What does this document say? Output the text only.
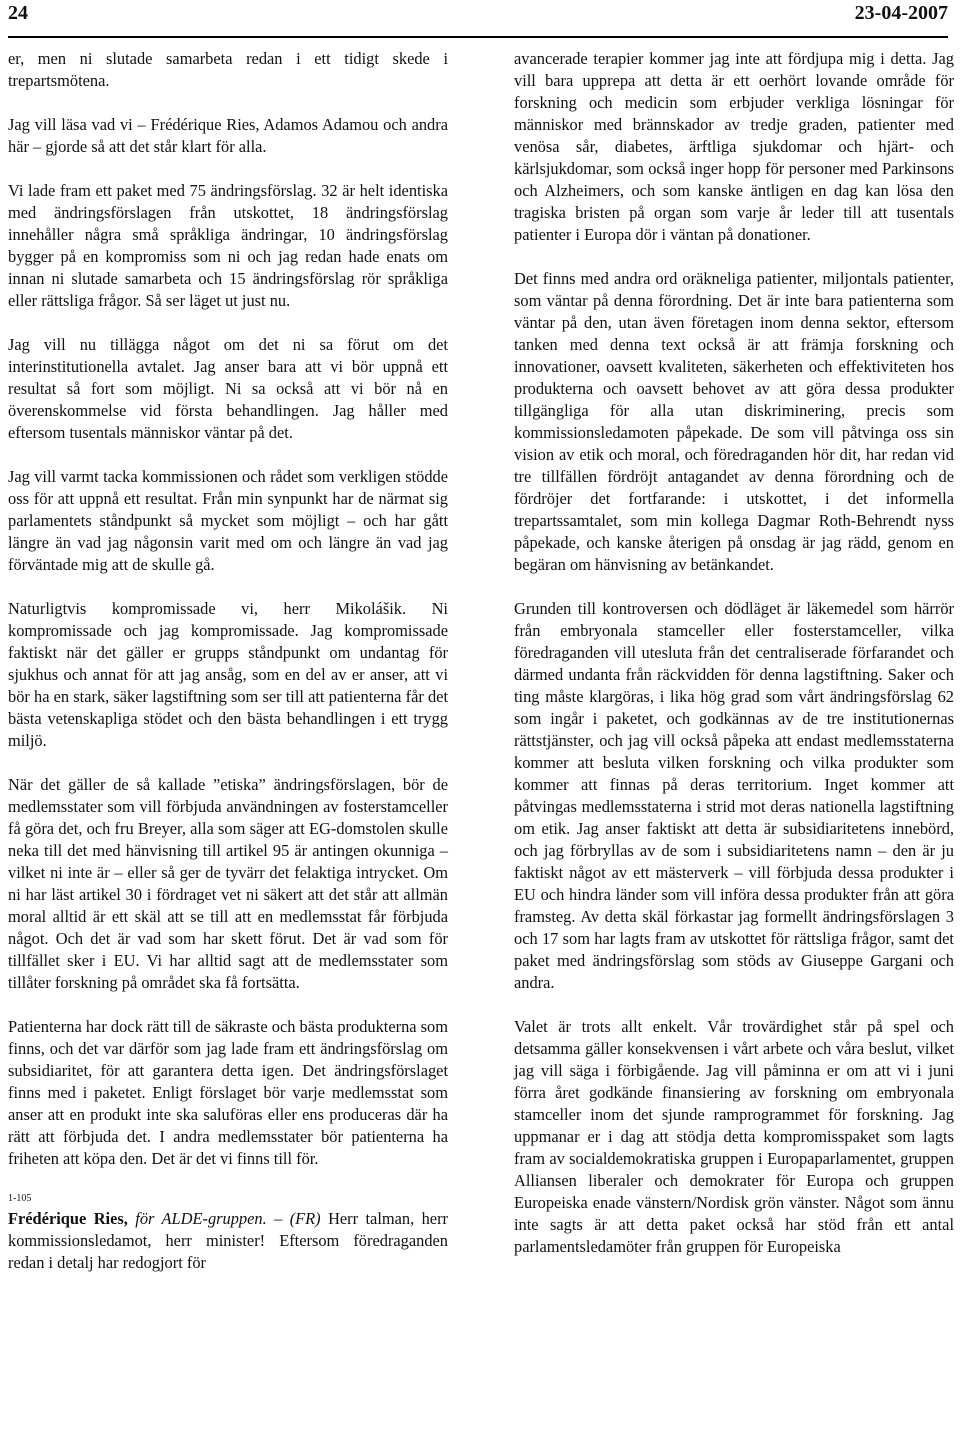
24	23-04-2007

er, men ni slutade samarbeta redan i ett tidigt skede i trepartsmötena.

Jag vill läsa vad vi – Frédérique Ries, Adamos Adamou och andra här – gjorde så att det står klart för alla.

Vi lade fram ett paket med 75 ändringsförslag. 32 är helt identiska med ändringsförslagen från utskottet, 18 ändringsförslag innehåller några små språkliga ändringar, 10 ändringsförslag bygger på en kompromiss som ni och jag redan hade enats om innan ni slutade samarbeta och 15 ändringsförslag rör språkliga eller rättsliga frågor. Så ser läget ut just nu.

Jag vill nu tillägga något om det ni sa förut om det interinstitutionella avtalet. Jag anser bara att vi bör uppnå ett resultat så fort som möjligt. Ni sa också att vi bör nå en överenskommelse vid första behandlingen. Jag håller med eftersom tusentals människor väntar på det.

Jag vill varmt tacka kommissionen och rådet som verkligen stödde oss för att uppnå ett resultat. Från min synpunkt har de närmat sig parlamentets ståndpunkt så mycket som möjligt – och har gått längre än vad jag någonsin varit med om och längre än vad jag förväntade mig att de skulle gå.

Naturligtvis kompromissade vi, herr Mikolášik. Ni kompromissade och jag kompromissade. Jag kompromissade faktiskt när det gäller er grupps ståndpunkt om undantag för sjukhus och annat för att jag ansåg, som en del av er anser, att vi bör ha en stark, säker lagstiftning som ser till att patienterna får det bästa vetenskapliga stödet och den bästa behandlingen i ett trygg miljö.

När det gäller de så kallade ”etiska” ändringsförslagen, bör de medlemsstater som vill förbjuda användningen av fosterstamceller få göra det, och fru Breyer, alla som säger att EG-domstolen skulle neka till det med hänvisning till artikel 95 är antingen okunniga – vilket ni inte är – eller så ger de tyvärr det felaktiga intrycket. Om ni har läst artikel 30 i fördraget vet ni säkert att det står att allmän moral alltid är ett skäl att se till att en medlemsstat får förbjuda något. Och det är vad som har skett förut. Det är vad som för tillfället sker i EU. Vi har alltid sagt att de medlemsstater som tillåter forskning på området ska få fortsätta.

Patienterna har dock rätt till de säkraste och bästa produkterna som finns, och det var därför som jag lade fram ett ändringsförslag om subsidiaritet, för att garantera detta igen. Det ändringsförslaget finns med i paketet. Enligt förslaget bör varje medlemsstat som anser att en produkt inte ska saluföras eller ens produceras där ha rätt att förbjuda det. I andra medlemsstater bör patienterna ha friheten att köpa den. Det är det vi finns till för.

1-105

Frédérique Ries, för ALDE-gruppen. – (FR) Herr talman, herr kommissionsledamot, herr minister! Eftersom föredraganden redan i detalj har redogjort för

avancerade terapier kommer jag inte att fördjupa mig i detta. Jag vill bara upprepa att detta är ett oerhört lovande område för forskning och medicin som erbjuder verkliga lösningar för människor med brännskador av tredje graden, patienter med venösa sår, diabetes, ärftliga sjukdomar och hjärt- och kärlsjukdomar, som också inger hopp för personer med Parkinsons och Alzheimers, och som kanske äntligen en dag kan lösa den tragiska bristen på organ som varje år leder till att tusentals patienter i Europa dör i väntan på donationer.

Det finns med andra ord oräkneliga patienter, miljontals patienter, som väntar på denna förordning. Det är inte bara patienterna som väntar på den, utan även företagen inom denna sektor, eftersom tanken med denna text också är att främja forskning och innovationer, oavsett kvaliteten, säkerheten och effektiviteten hos produkterna och oavsett behovet av att göra dessa produkter tillgängliga för alla utan diskriminering, precis som kommissionsledamoten påpekade. De som vill påtvinga oss sin vision av etik och moral, och föredraganden hör dit, har redan vid tre tillfällen fördröjt antagandet av denna förordning och de fördröjer det fortfarande: i utskottet, i det informella trepartssamtalet, som min kollega Dagmar Roth-Behrendt nyss påpekade, och kanske återigen på onsdag är jag rädd, genom en begäran om hänvisning av betänkandet.

Grunden till kontroversen och dödläget är läkemedel som härrör från embryonala stamceller eller fosterstamceller, vilka föredraganden vill utesluta från det centraliserade förfarandet och därmed undanta från räckvidden för denna lagstiftning. Saker och ting måste klargöras, i lika hög grad som vårt ändringsförslag 62 som ingår i paketet, och godkännas av de tre institutionernas rättstjänster, och jag vill också påpeka att endast medlemsstaterna kommer att besluta vilken forskning och vilka produkter som kommer att finnas på deras territorium. Inget kommer att påtvingas medlemsstaterna i strid mot deras nationella lagstiftning om etik. Jag anser faktiskt att detta är subsidiaritetens innebörd, och jag förbryllas av de som i subsidiaritetens namn – den är ju faktiskt något av ett mästerverk – vill förbjuda dessa produkter i EU och hindra länder som vill införa dessa produkter från att göra framsteg. Av detta skäl förkastar jag formellt ändringsförslagen 3 och 17 som har lagts fram av utskottet för rättsliga frågor, samt det paket med ändringsförslag som stöds av Giuseppe Gargani och andra.

Valet är trots allt enkelt. Vår trovärdighet står på spel och detsamma gäller konsekvensen i vårt arbete och våra beslut, vilket jag vill säga i förbigående. Jag vill påminna er om att vi i juni förra året godkände finansiering av forskning om embryonala stamceller inom det sjunde ramprogrammet för forskning. Jag uppmanar er i dag att stödja detta kompromisspaket som lagts fram av socialdemokratiska gruppen i Europaparlamentet, gruppen Alliansen liberaler och demokrater för Europa och gruppen Europeiska enade vänstern/Nordisk grön vänster. Något som ännu inte sagts är att detta paket också har stöd från ett antal parlamentsledamöter från gruppen för Europeiska
